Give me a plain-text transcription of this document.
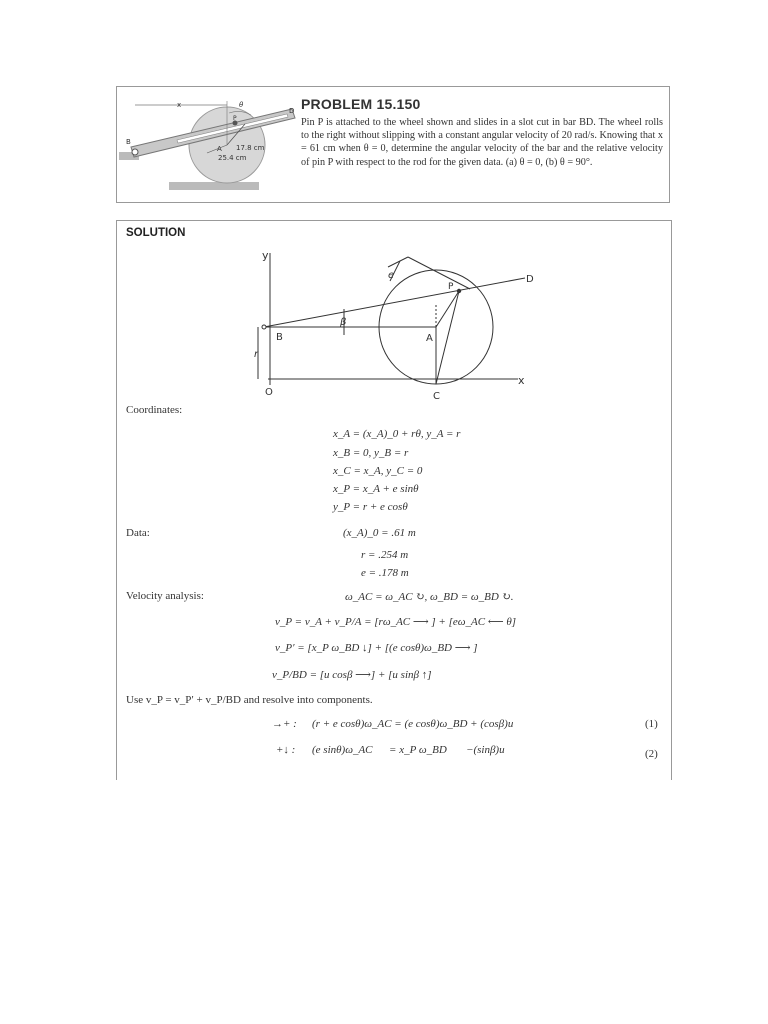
x	θ
D
P
B
A 17.8 cm
25.4 cm
PROBLEM 15.150
Pin P is attached to the wheel shown and slides in a slot cut in bar BD. The wheel rolls to the right without slipping with a constant angular velocity of 20 rad/s. Knowing that x = 61 cm when θ = 0, determine the angular velocity of the bar and the relative velocity of pin P with respect to the rod for the given data. (a) θ = 0, (b) θ = 90°.
SOLUTION
y
x
O
B	A
C
D
P
e
β
r
Coordinates:
x_A = (x_A)_0 + rθ, y_A = r
x_B = 0, y_B = r
x_C = x_A, y_C = 0
x_P = x_A + e sinθ
y_P = r + e cosθ
Data:	(x_A)_0 = .61 m
r = .254 m
e = .178 m
Velocity analysis:	ω_AC = ω_AC ↻, ω_BD = ω_BD ↻.
v_P = v_A + v_P/A = [rω_AC ⟶ ] + [eω_AC ⟵ θ]
v_P′ = [x_P ω_BD ↓] + [(e cosθ)ω_BD ⟶ ]
v_P/BD = [u cosβ ⟶] + [u sinβ ↑]
Use v_P = v_P′ + v_P/BD and resolve into components.
→+ : (r + e cosθ)ω_AC = (e cosθ)ω_BD + (cosβ)u	(1)
+↓ : (e sinθ)ω_AC      = x_P ω_BD       −(sinβ)u	(2)
